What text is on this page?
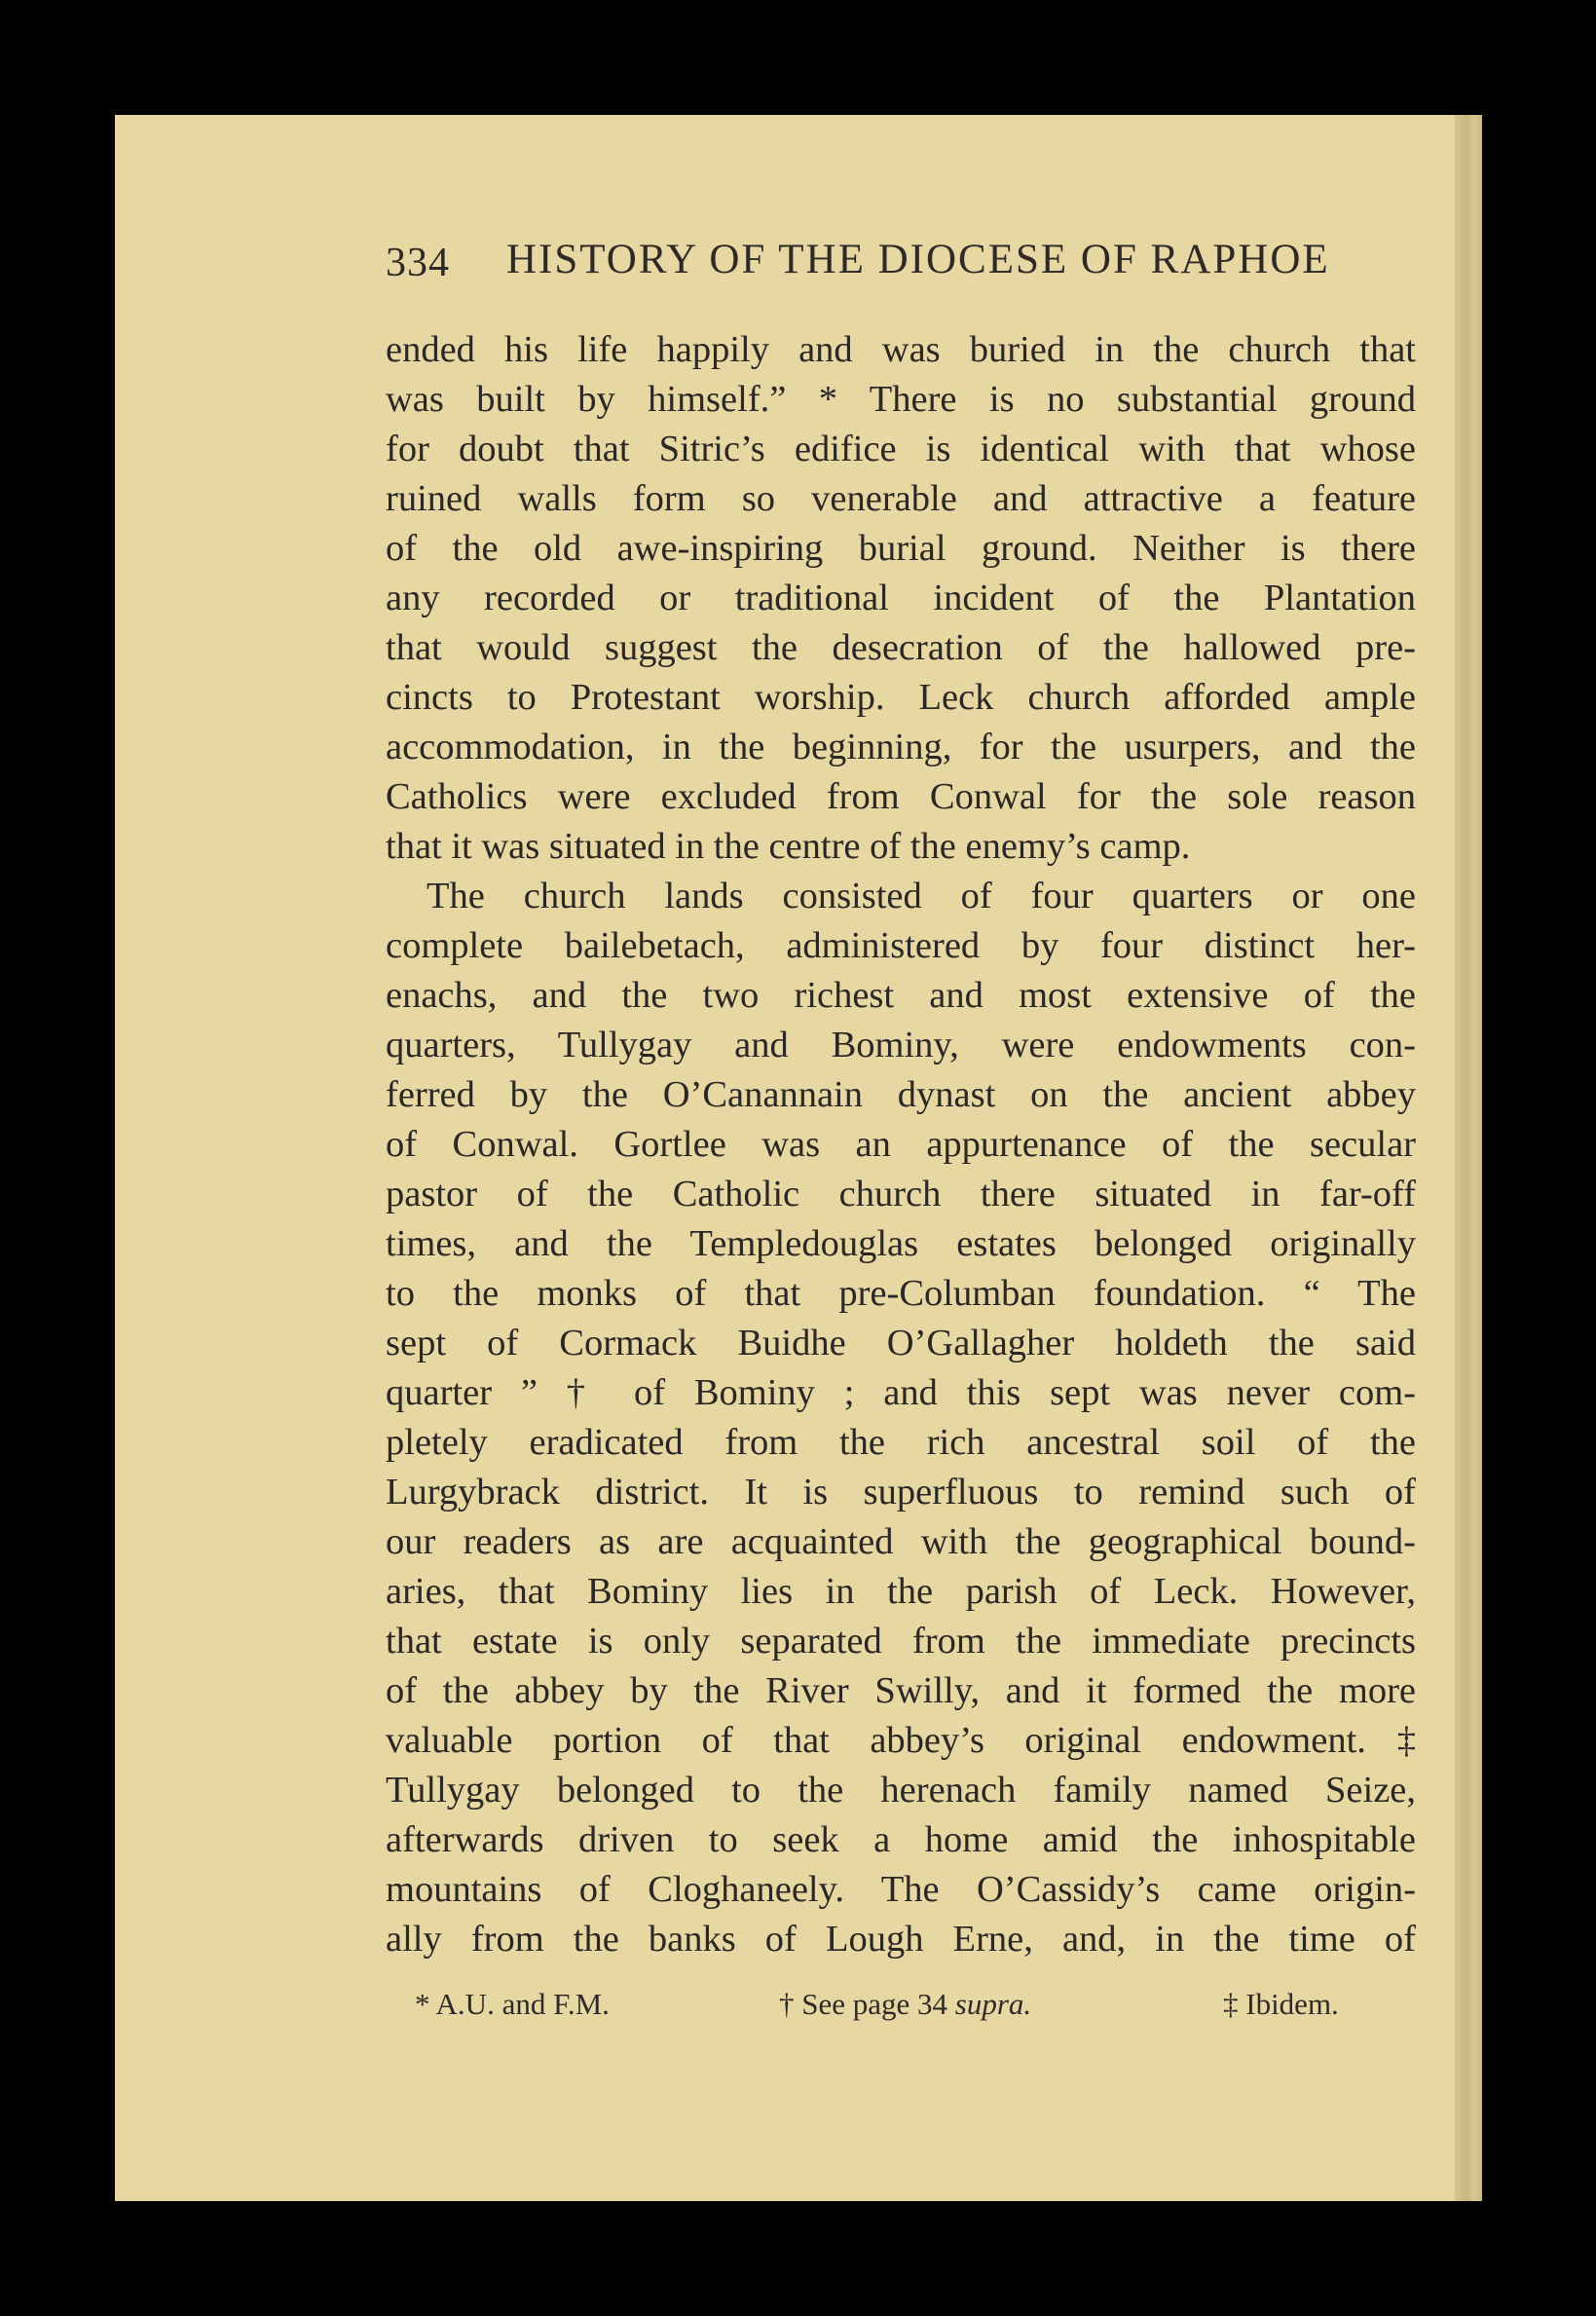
334 HISTORY OF THE DIOCESE OF RAPHOE
ended his life happily and was buried in the church that
was built by himself.” * There is no substantial ground
for doubt that Sitric’s edifice is identical with that whose
ruined walls form so venerable and attractive a feature
of the old awe-inspiring burial ground. Neither is there
any recorded or traditional incident of the Plantation
that would suggest the desecration of the hallowed pre-
cincts to Protestant worship. Leck church afforded ample
accommodation, in the beginning, for the usurpers, and the
Catholics were excluded from Conwal for the sole reason
that it was situated in the centre of the enemy’s camp.
The church lands consisted of four quarters or one
complete bailebetach, administered by four distinct her-
enachs, and the two richest and most extensive of the
quarters, Tullygay and Bominy, were endowments con-
ferred by the O’Canannain dynast on the ancient abbey
of Conwal. Gortlee was an appurtenance of the secular
pastor of the Catholic church there situated in far-off
times, and the Templedouglas estates belonged originally
to the monks of that pre-Columban foundation. “ The
sept of Cormack Buidhe O’Gallagher holdeth the said
quarter ” † of Bominy ; and this sept was never com-
pletely eradicated from the rich ancestral soil of the
Lurgybrack district. It is superfluous to remind such of
our readers as are acquainted with the geographical bound-
aries, that Bominy lies in the parish of Leck. However,
that estate is only separated from the immediate precincts
of the abbey by the River Swilly, and it formed the more
valuable portion of that abbey’s original endowment.‡
Tullygay belonged to the herenach family named Seize,
afterwards driven to seek a home amid the inhospitable
mountains of Cloghaneely. The O’Cassidy’s came origin-
ally from the banks of Lough Erne, and, in the time of
* A.U. and F.M.	† See page 34 supra.	‡ Ibidem.
